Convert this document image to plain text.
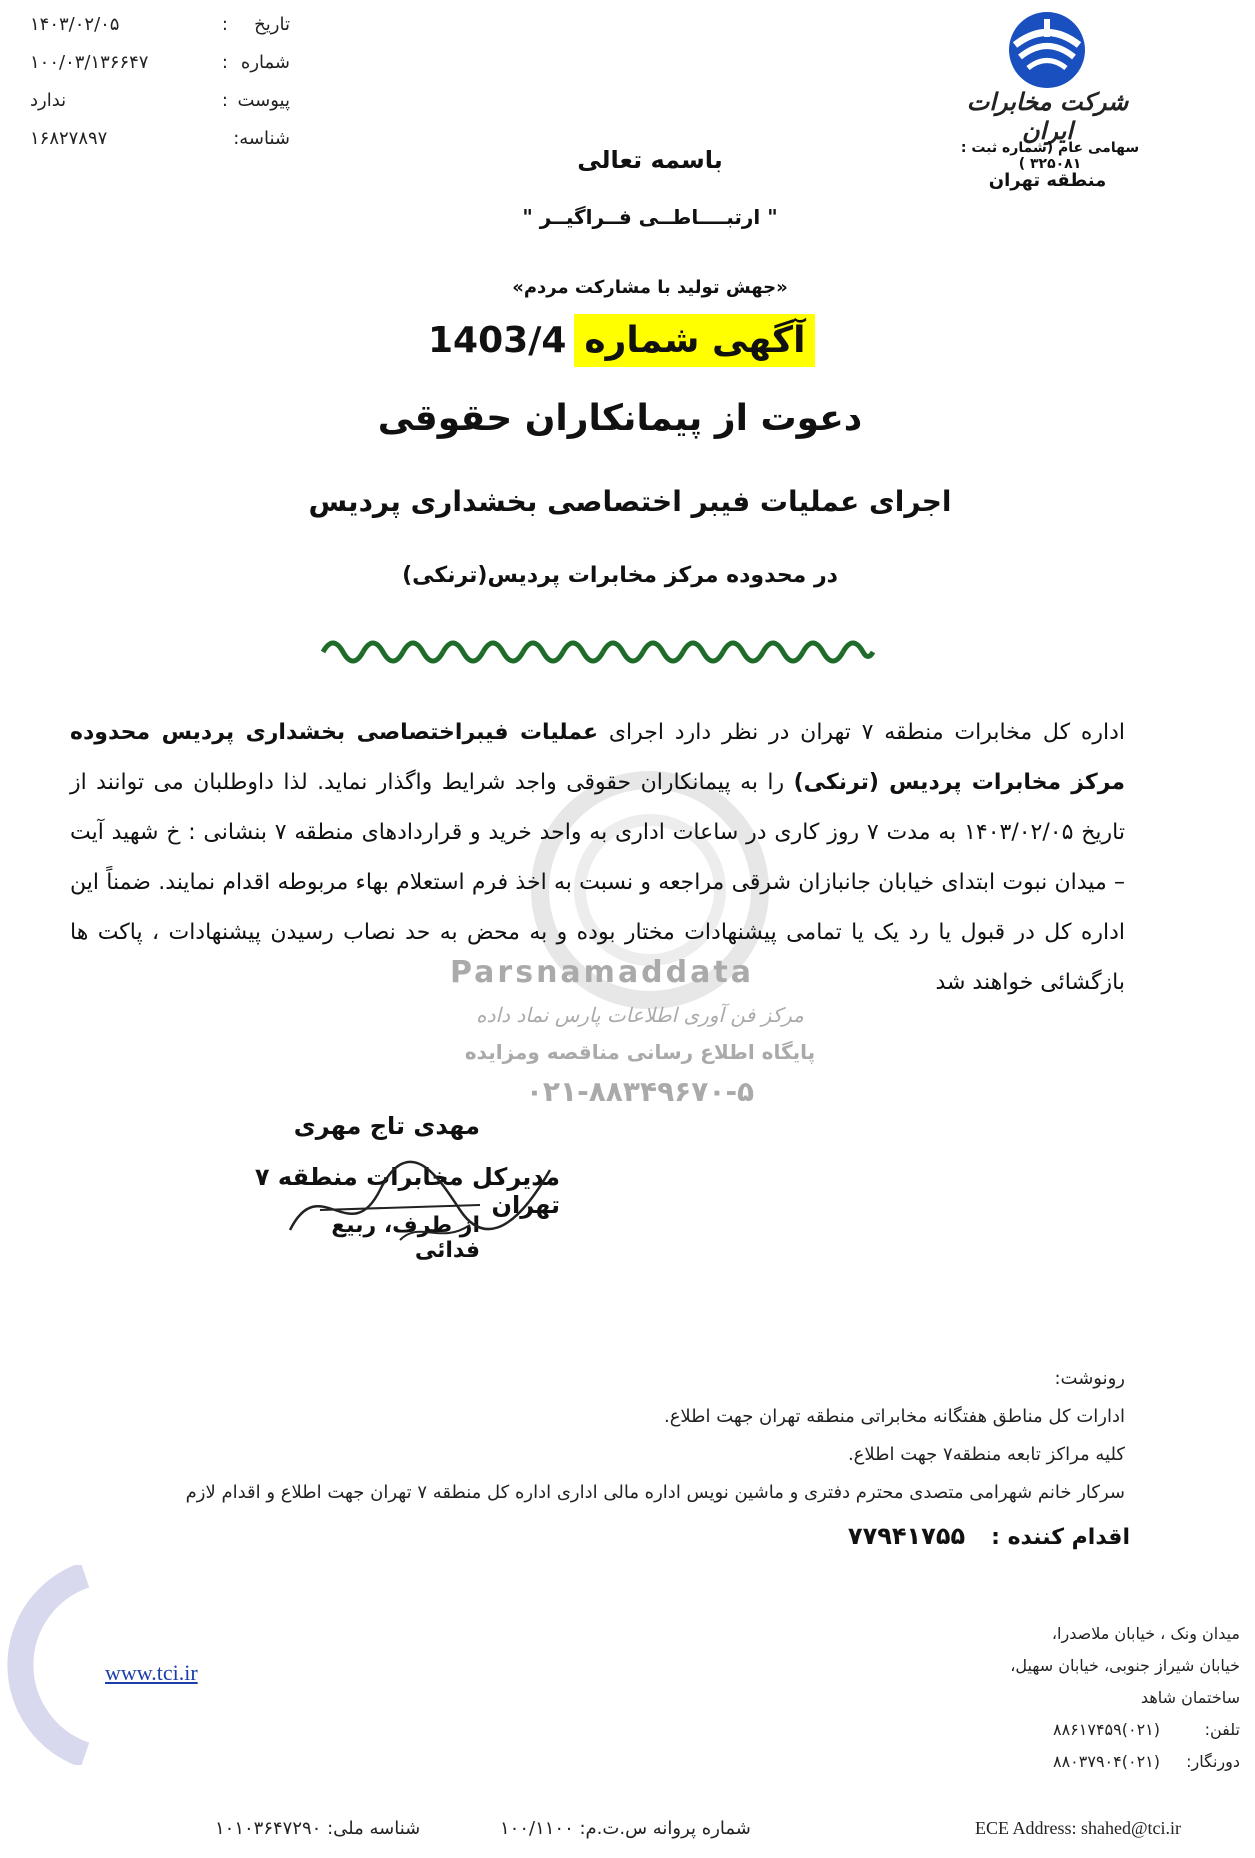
تاریخ
:
۱۴۰۳/۰۲/۰۵
شماره
:
۱۰۰/۰۳/۱۳۶۶۴۷
پیوست
:
ندارد
شناسه:
۱۶۸۲۷۸۹۷
شرکت مخابرات ایران
سهامی عام (شماره ثبت : ۳۲۵۰۸۱ )
منطقه تهران
باسمه تعالی
" ارتبــــاطــی فــراگیــر "
«جهش تولید با مشارکت مردم»
آگهی شماره1403/4
دعوت از پیمانکاران حقوقی
اجرای عملیات فیبر اختصاصی بخشداری پردیس
در محدوده مرکز مخابرات پردیس(ترنکی)
Parsnamaddata
مرکز فن آوری اطلاعات پارس نماد داده
پایگاه اطلاع رسانی مناقصه ومزایده
۰۲۱-۸۸۳۴۹۶۷۰-۵
اداره کل مخابرات منطقه ۷ تهران در نظر دارد اجرای عملیات فیبراختصاصی بخشداری پردیس محدوده مرکز مخابرات پردیس (ترنکی) را به پیمانکاران حقوقی واجد شرایط واگذار نماید. لذا داوطلبان می توانند از تاریخ ۱۴۰۳/۰۲/۰۵ به مدت ۷ روز کاری در ساعات اداری به واحد خرید و قراردادهای منطقه ۷ بنشانی : خ شهید آیت – میدان نبوت ابتدای خیابان جانبازان شرقی مراجعه و نسبت به اخذ فرم استعلام بهاء مربوطه اقدام نمایند. ضمناً این اداره کل در قبول یا رد یک یا تمامی پیشنهادات مختار بوده و به محض به حد نصاب رسیدن پیشنهادات ، پاکت ها بازگشائی خواهند شد
مهدی تاج مهری
مدیرکل مخابرات منطقه ۷ تهران
از طرف، ربیع فدائی
رونوشت:
ادارات کل مناطق هفتگانه مخابراتی منطقه تهران جهت اطلاع.
کلیه مراکز تابعه منطقه۷ جهت اطلاع.
سرکار خانم شهرامی متصدی محترم دفتری و ماشین نویس اداره مالی اداری اداره کل منطقه ۷ تهران جهت اطلاع و اقدام لازم
اقدام کننده :۷۷۹۴۱۷۵۵
www.tci.ir
میدان ونک ، خیابان ملاصدرا،
خیابان شیراز جنوبی، خیابان سهیل،
ساختمان شاهد
تلفن:(۰۲۱)۸۸۶۱۷۴۵۹
دورنگار:(۰۲۱)۸۸۰۳۷۹۰۴
ECE Address: shahed@tci.ir
شماره پروانه س.ت.م: ۱۰۰/۱۱۰۰
شناسه ملی: ۱۰۱۰۳۶۴۷۲۹۰
